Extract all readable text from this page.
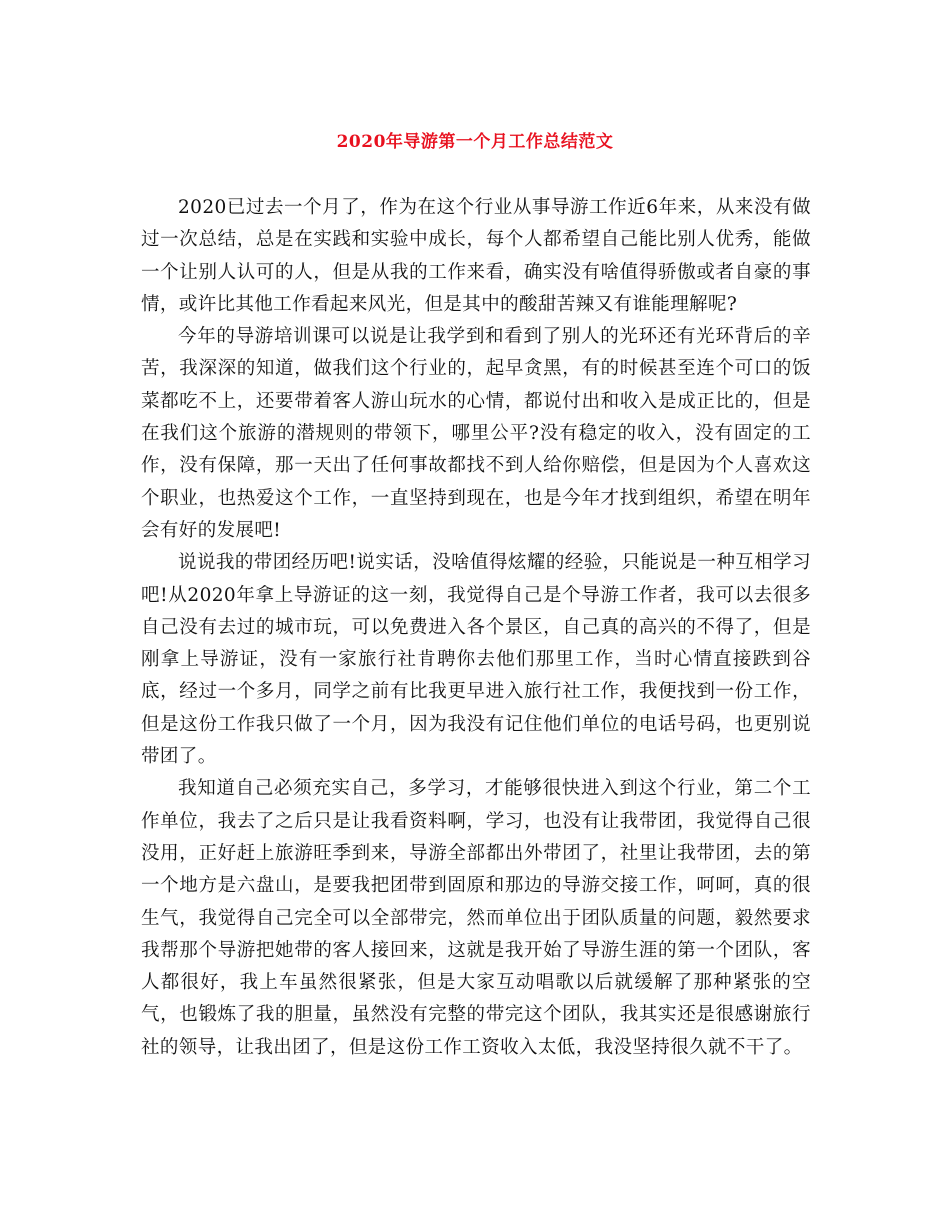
2020年导游第一个月工作总结范文

2020已过去一个月了，作为在这个行业从事导游工作近6年来，从来没有做过一次总结，总是在实践和实验中成长，每个人都希望自己能比别人优秀，能做一个让别人认可的人，但是从我的工作来看，确实没有啥值得骄傲或者自豪的事情，或许比其他工作看起来风光，但是其中的酸甜苦辣又有谁能理解呢?

今年的导游培训课可以说是让我学到和看到了别人的光环还有光环背后的辛苦，我深深的知道，做我们这个行业的，起早贪黑，有的时候甚至连个可口的饭菜都吃不上，还要带着客人游山玩水的心情，都说付出和收入是成正比的，但是在我们这个旅游的潜规则的带领下，哪里公平?没有稳定的收入，没有固定的工作，没有保障，那一天出了任何事故都找不到人给你赔偿，但是因为个人喜欢这个职业，也热爱这个工作，一直坚持到现在，也是今年才找到组织，希望在明年会有好的发展吧!

说说我的带团经历吧!说实话，没啥值得炫耀的经验，只能说是一种互相学习吧!从2020年拿上导游证的这一刻，我觉得自己是个导游工作者，我可以去很多自己没有去过的城市玩，可以免费进入各个景区，自己真的高兴的不得了，但是刚拿上导游证，没有一家旅行社肯聘你去他们那里工作，当时心情直接跌到谷底，经过一个多月，同学之前有比我更早进入旅行社工作，我便找到一份工作，但是这份工作我只做了一个月，因为我没有记住他们单位的电话号码，也更别说带团了。

我知道自己必须充实自己，多学习，才能够很快进入到这个行业，第二个工作单位，我去了之后只是让我看资料啊，学习，也没有让我带团，我觉得自己很没用，正好赶上旅游旺季到来，导游全部都出外带团了，社里让我带团，去的第一个地方是六盘山，是要我把团带到固原和那边的导游交接工作，呵呵，真的很生气，我觉得自己完全可以全部带完，然而单位出于团队质量的问题，毅然要求我帮那个导游把她带的客人接回来，这就是我开始了导游生涯的第一个团队，客人都很好，我上车虽然很紧张，但是大家互动唱歌以后就缓解了那种紧张的空气，也锻炼了我的胆量，虽然没有完整的带完这个团队，我其实还是很感谢旅行社的领导，让我出团了，但是这份工作工资收入太低，我没坚持很久就不干了。
